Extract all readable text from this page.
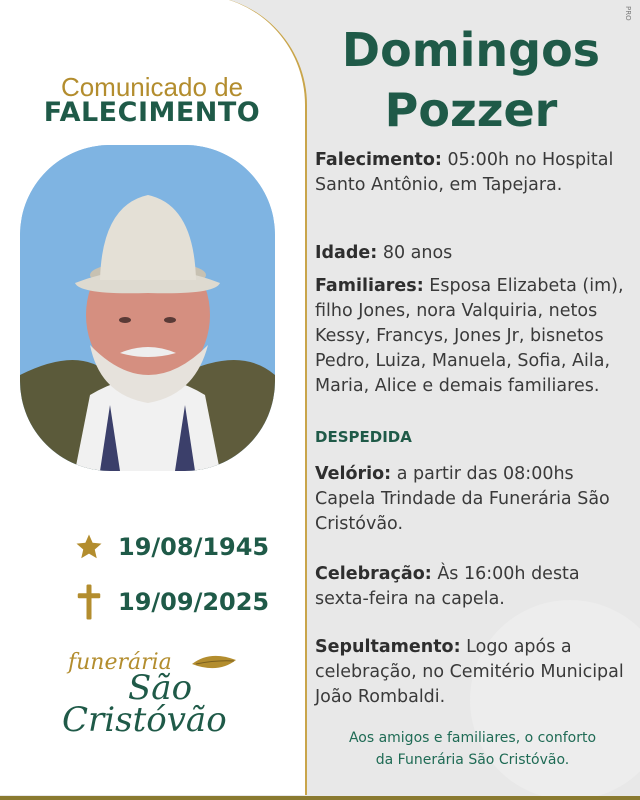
Comunicado de
FALECIMENTO
19/08/1945
19/09/2025
funerária
São
Cristóvão
Domingos
Pozzer
Falecimento: 05:00h no Hospital Santo Antônio, em Tapejara.
Idade: 80 anos
Familiares: Esposa Elizabeta (im), filho Jones, nora Valquiria, netos Kessy, Francys, Jones Jr, bisnetos Pedro, Luiza, Manuela, Sofia, Aila, Maria, Alice e demais familiares.
DESPEDIDA
Velório: a partir das 08:00hs Capela Trindade da Funerária São Cristóvão.
Celebração: Às 16:00h desta sexta-feira na capela.
Sepultamento: Logo após a celebração, no Cemitério Municipal João Rombaldi.
Aos amigos e familiares, o conforto
da Funerária São Cristóvão.
PRO
